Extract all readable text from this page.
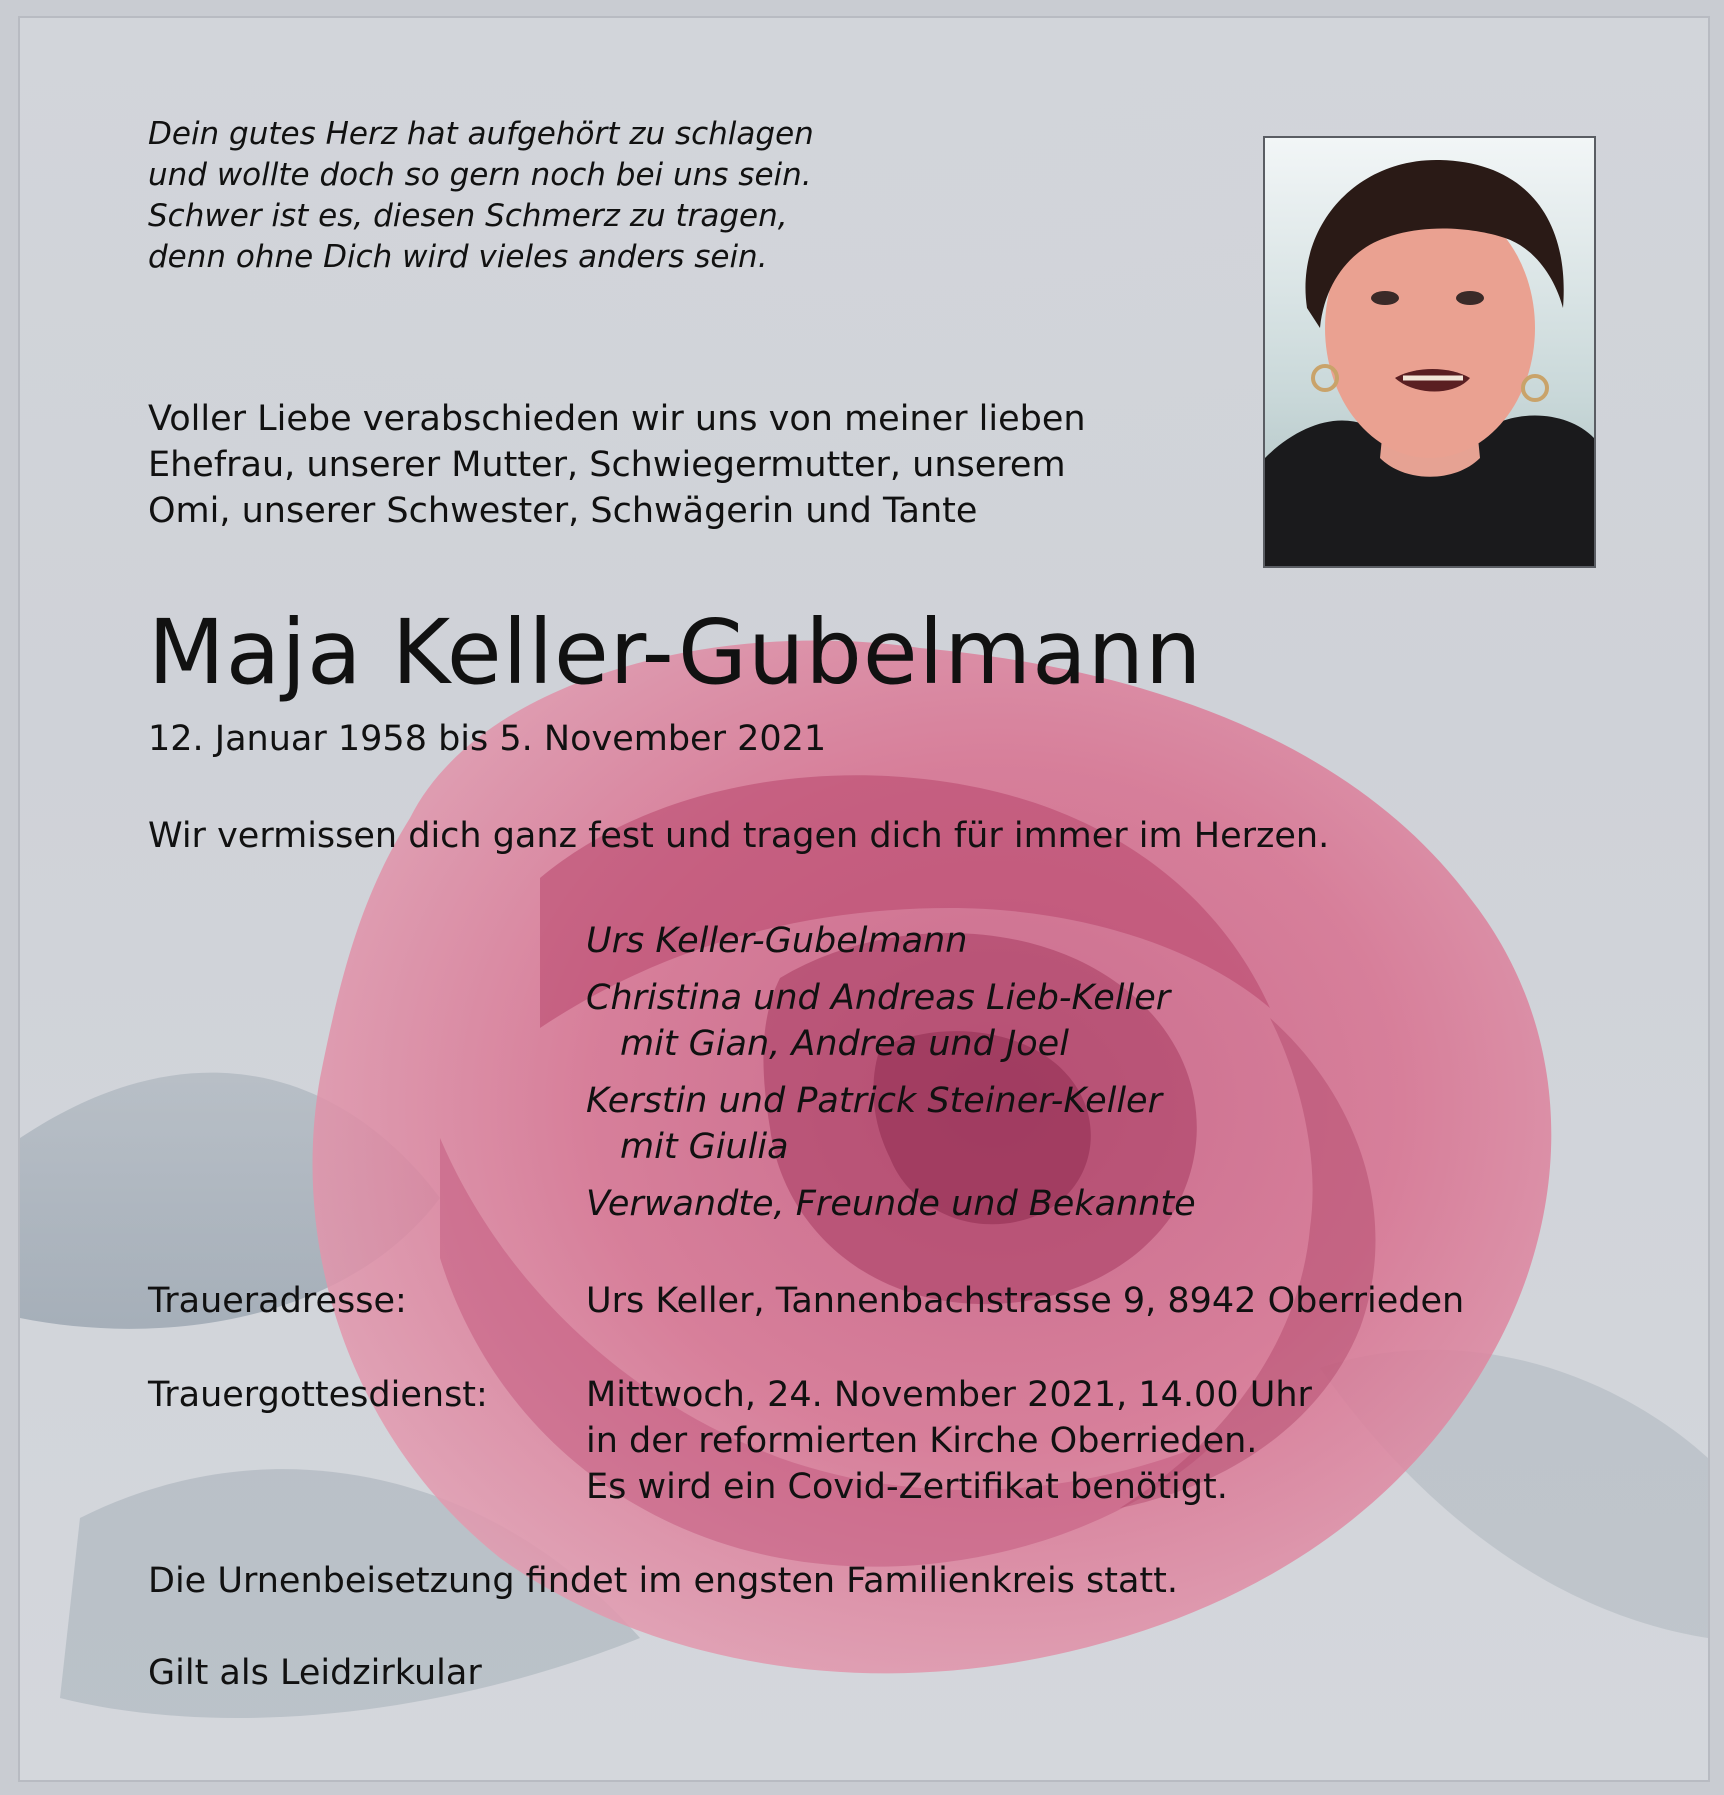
Dein gutes Herz hat aufgehört zu schlagen
und wollte doch so gern noch bei uns sein.
Schwer ist es, diesen Schmerz zu tragen,
denn ohne Dich wird vieles anders sein.
Voller Liebe verabschieden wir uns von meiner lieben
Ehefrau, unserer Mutter, Schwiegermutter, unserem
Omi, unserer Schwester, Schwägerin und Tante
Maja Keller-Gubelmann
12. Januar 1958 bis 5. November 2021
Wir vermissen dich ganz fest und tragen dich für immer im Herzen.
Urs Keller-Gubelmann
Christina und Andreas Lieb-Keller
mit Gian, Andrea und Joel
Kerstin und Patrick Steiner-Keller
mit Giulia
Verwandte, Freunde und Bekannte
Traueradresse:	Urs Keller, Tannenbachstrasse 9, 8942 Oberrieden
Trauergottesdienst:	Mittwoch, 24. November 2021, 14.00 Uhr
in der reformierten Kirche Oberrieden.
Es wird ein Covid-Zertifikat benötigt.
Die Urnenbeisetzung findet im engsten Familienkreis statt.
Gilt als Leidzirkular
